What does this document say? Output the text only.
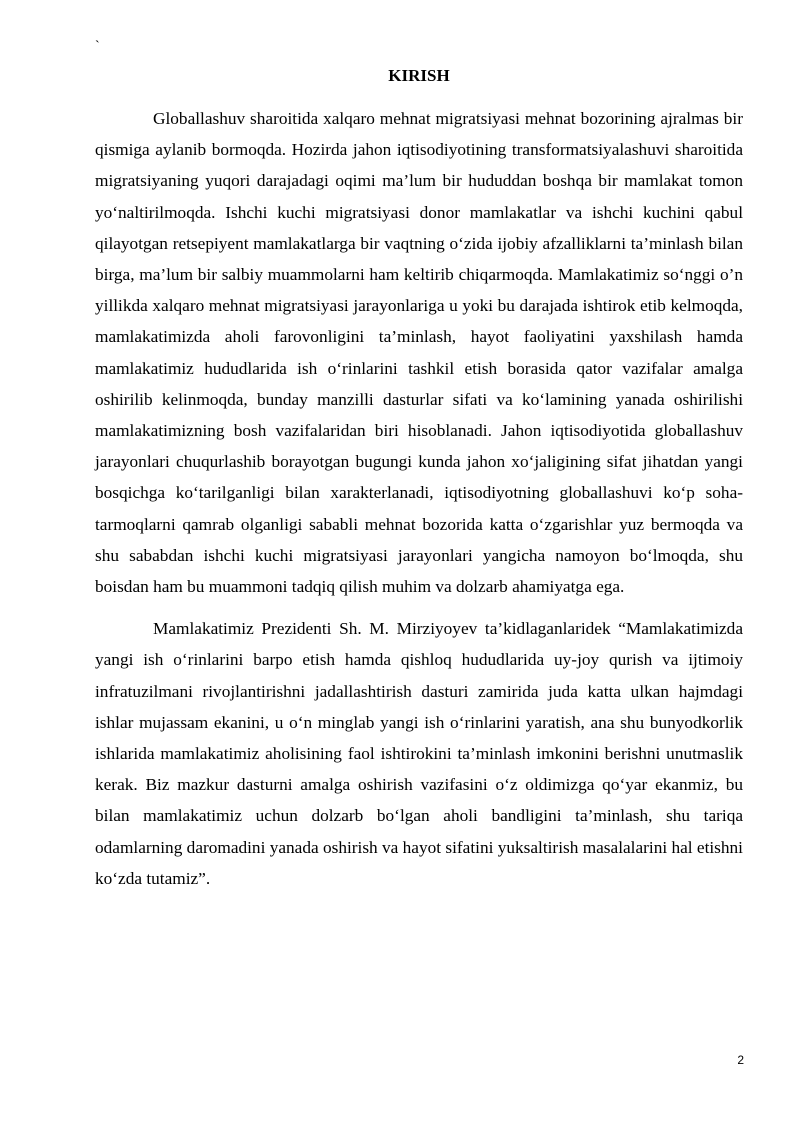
`
KIRISH

Globallashuv sharoitida xalqaro mehnat migratsiyasi mehnat bozorining ajralmas bir qismiga aylanib bormoqda. Hozirda jahon iqtisodiyotining transformatsiyalashuvi sharoitida migratsiyaning yuqori darajadagi oqimi ma’lum bir hududdan boshqa bir mamlakat tomon yo‘naltirilmoqda. Ishchi kuchi migratsiyasi donor mamlakatlar va ishchi kuchini qabul qilayotgan retsepiyent mamlakatlarga bir vaqtning o‘zida ijobiy afzalliklarni ta’minlash bilan birga, ma’lum bir salbiy muammolarni ham keltirib chiqarmoqda. Mamlakatimiz so‘nggi o’n yillikda xalqaro mehnat migratsiyasi jarayonlariga u yoki bu darajada ishtirok etib kelmoqda, mamlakatimizda aholi farovonligini ta’minlash, hayot faoliyatini yaxshilash hamda mamlakatimiz hududlarida ish o‘rinlarini tashkil etish borasida qator vazifalar amalga oshirilib kelinmoqda, bunday manzilli dasturlar sifati va ko‘lamining yanada oshirilishi mamlakatimizning bosh vazifalaridan biri hisoblanadi. Jahon iqtisodiyotida globallashuv jarayonlari chuqurlashib borayotgan bugungi kunda jahon xo‘jaligining sifat jihatdan yangi bosqichga ko‘tarilganligi bilan xarakterlanadi, iqtisodiyotning globallashuvi ko‘p soha-tarmoqlarni qamrab olganligi sababli mehnat bozorida katta o‘zgarishlar yuz bermoqda va shu sababdan ishchi kuchi migratsiyasi jarayonlari yangicha namoyon bo‘lmoqda, shu boisdan ham bu muammoni tadqiq qilish muhim va dolzarb ahamiyatga ega.

Mamlakatimiz Prezidenti Sh. M. Mirziyoyev ta’kidlaganlaridek “Mamlakatimizda yangi ish o‘rinlarini barpo etish hamda qishloq hududlarida uy-joy qurish va ijtimoiy infratuzilmani rivojlantirishni jadallashtirish dasturi zamirida juda katta ulkan hajmdagi ishlar mujassam ekanini, u o‘n minglab yangi ish o‘rinlarini yaratish, ana shu bunyodkorlik ishlarida mamlakatimiz aholisining faol ishtirokini ta’minlash imkonini berishni unutmaslik kerak. Biz mazkur dasturni amalga oshirish vazifasini o‘z oldimizga qo‘yar ekanmiz, bu bilan mamlakatimiz uchun dolzarb bo‘lgan aholi bandligini ta’minlash, shu tariqa odamlarning daromadini yanada oshirish va hayot sifatini yuksaltirish masalalarini hal etishni ko‘zda tutamiz”.

2
